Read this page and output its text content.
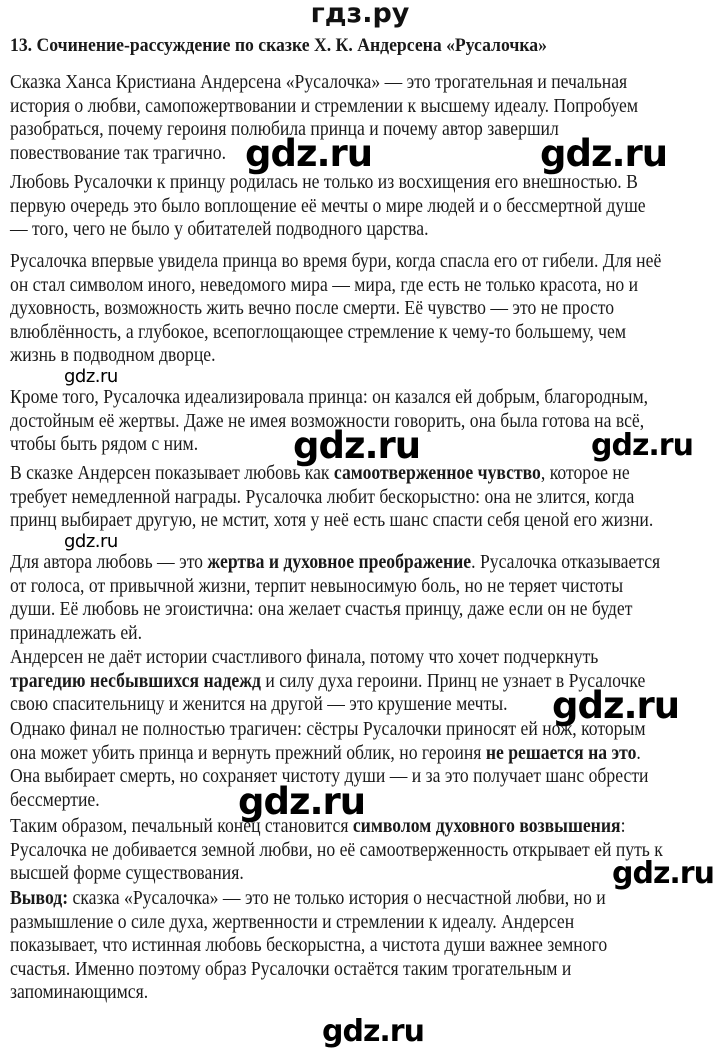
гдз.ру
13. Сочинение-рассуждение по сказке Х. К. Андерсена «Русалочка»
Сказка Ханса Кристиана Андерсена «Русалочка» — это трогательная и печальная
история о любви, самопожертвовании и стремлении к высшему идеалу. Попробуем
разобраться, почему героиня полюбила принца и почему автор завершил
повествование так трагично.
Любовь Русалочки к принцу родилась не только из восхищения его внешностью. В
первую очередь это было воплощение её мечты о мире людей и о бессмертной душе
— того, чего не было у обитателей подводного царства.
Русалочка впервые увидела принца во время бури, когда спасла его от гибели. Для неё
он стал символом иного, неведомого мира — мира, где есть не только красота, но и
духовность, возможность жить вечно после смерти. Её чувство — это не просто
влюблённость, а глубокое, всепоглощающее стремление к чему-то большему, чем
жизнь в подводном дворце.
Кроме того, Русалочка идеализировала принца: он казался ей добрым, благородным,
достойным её жертвы. Даже не имея возможности говорить, она была готова на всё,
чтобы быть рядом с ним.
В сказке Андерсен показывает любовь как самоотверженное чувство, которое не
требует немедленной награды. Русалочка любит бескорыстно: она не злится, когда
принц выбирает другую, не мстит, хотя у неё есть шанс спасти себя ценой его жизни.
Для автора любовь — это жертва и духовное преображение. Русалочка отказывается
от голоса, от привычной жизни, терпит невыносимую боль, но не теряет чистоты
души. Её любовь не эгоистична: она желает счастья принцу, даже если он не будет
принадлежать ей.
Андерсен не даёт истории счастливого финала, потому что хочет подчеркнуть
трагедию несбывшихся надежд и силу духа героини. Принц не узнает в Русалочке
свою спасительницу и женится на другой — это крушение мечты.
Однако финал не полностью трагичен: сёстры Русалочки приносят ей нож, которым
она может убить принца и вернуть прежний облик, но героиня не решается на это.
Она выбирает смерть, но сохраняет чистоту души — и за это получает шанс обрести
бессмертие.
Таким образом, печальный конец становится символом духовного возвышения:
Русалочка не добивается земной любви, но её самоотверженность открывает ей путь к
высшей форме существования.
Вывод: сказка «Русалочка» — это не только история о несчастной любви, но и
размышление о силе духа, жертвенности и стремлении к идеалу. Андерсен
показывает, что истинная любовь бескорыстна, а чистота души важнее земного
счастья. Именно поэтому образ Русалочки остаётся таким трогательным и
запоминающимся.
gdz.ru	gdz.ru
gdz.ru
gdz.ru	gdz.ru
gdz.ru
gdz.ru
gdz.ru
gdz.ru
gdz.ru
